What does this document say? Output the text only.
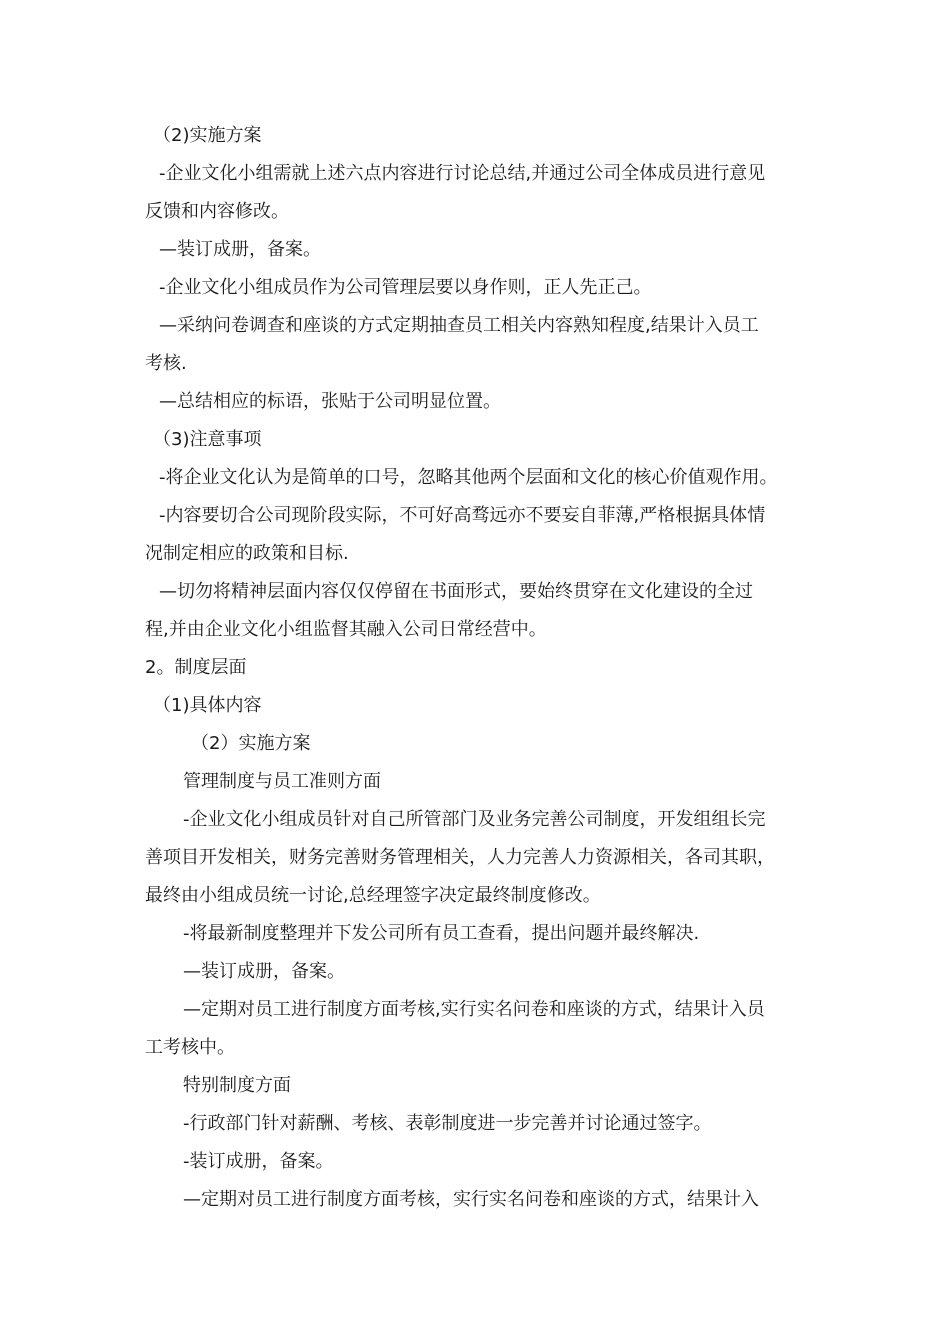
（2)实施方案
-企业文化小组需就上述六点内容进行讨论总结,并通过公司全体成员进行意见
反馈和内容修改。
—装订成册，备案。
-企业文化小组成员作为公司管理层要以身作则，正人先正己。
—采纳问卷调查和座谈的方式定期抽查员工相关内容熟知程度,结果计入员工
考核.
—总结相应的标语，张贴于公司明显位置。
（3)注意事项
-将企业文化认为是简单的口号，忽略其他两个层面和文化的核心价值观作用。
-内容要切合公司现阶段实际，不可好高骛远亦不要妄自菲薄,严格根据具体情
况制定相应的政策和目标.
—切勿将精神层面内容仅仅停留在书面形式，要始终贯穿在文化建设的全过
程,并由企业文化小组监督其融入公司日常经营中。
2。制度层面
（1)具体内容
（2）实施方案
管理制度与员工准则方面
-企业文化小组成员针对自己所管部门及业务完善公司制度，开发组组长完
善项目开发相关，财务完善财务管理相关，人力完善人力资源相关，各司其职，
最终由小组成员统一讨论,总经理签字决定最终制度修改。
-将最新制度整理并下发公司所有员工查看，提出问题并最终解决.
—装订成册，备案。
—定期对员工进行制度方面考核,实行实名问卷和座谈的方式，结果计入员
工考核中。
特别制度方面
-行政部门针对薪酬、考核、表彰制度进一步完善并讨论通过签字。
-装订成册，备案。
—定期对员工进行制度方面考核，实行实名问卷和座谈的方式，结果计入
